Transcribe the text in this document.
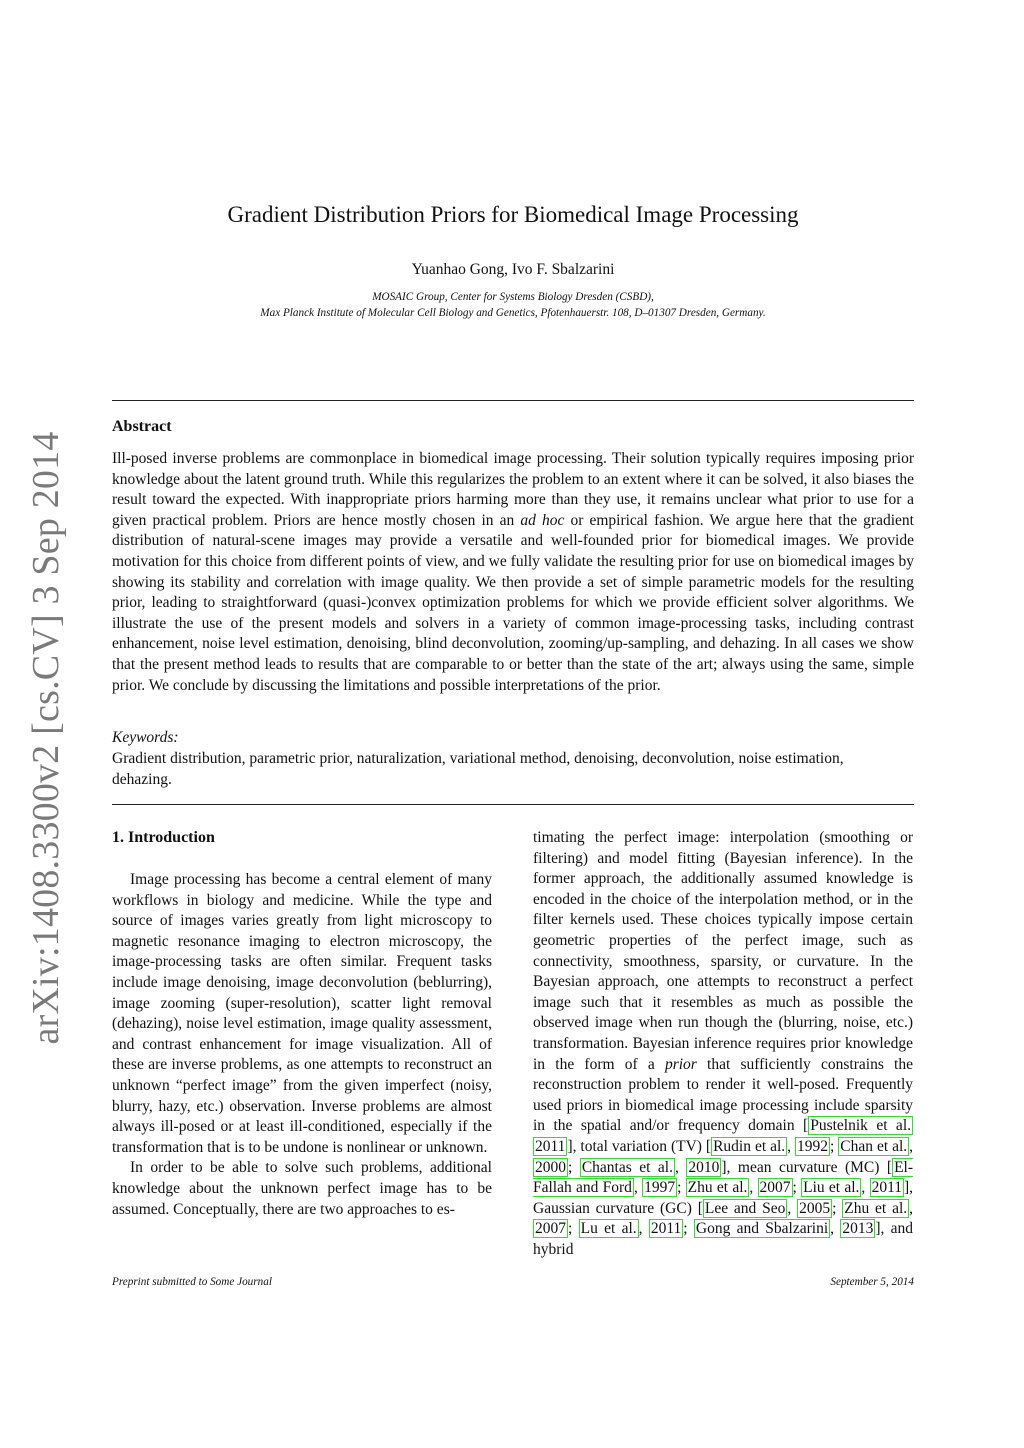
arXiv:1408.3300v2 [cs.CV] 3 Sep 2014
Gradient Distribution Priors for Biomedical Image Processing
Yuanhao Gong, Ivo F. Sbalzarini
MOSAIC Group, Center for Systems Biology Dresden (CSBD),
Max Planck Institute of Molecular Cell Biology and Genetics, Pfotenhauerstr. 108, D–01307 Dresden, Germany.
Abstract

Ill-posed inverse problems are commonplace in biomedical image processing. Their solution typically requires imposing prior knowledge about the latent ground truth. While this regularizes the problem to an extent where it can be solved, it also biases the result toward the expected. With inappropriate priors harming more than they use, it remains unclear what prior to use for a given practical problem. Priors are hence mostly chosen in an ad hoc or empirical fashion. We argue here that the gradient distribution of natural-scene images may provide a versatile and well-founded prior for biomedical images. We provide motivation for this choice from different points of view, and we fully validate the resulting prior for use on biomedical images by showing its stability and correlation with image quality. We then provide a set of simple parametric models for the resulting prior, leading to straightforward (quasi-)convex optimization problems for which we provide efficient solver algorithms. We illustrate the use of the present models and solvers in a variety of common image-processing tasks, including contrast enhancement, noise level estimation, denoising, blind deconvolution, zooming/up-sampling, and dehazing. In all cases we show that the present method leads to results that are comparable to or better than the state of the art; always using the same, simple prior. We conclude by discussing the limitations and possible interpretations of the prior.

Keywords:

Gradient distribution, parametric prior, naturalization, variational method, denoising, deconvolution, noise estimation, dehazing.

1. Introduction

Image processing has become a central element of many workflows in biology and medicine. While the type and source of images varies greatly from light microscopy to magnetic resonance imaging to electron microscopy, the image-processing tasks are often similar. Frequent tasks include image denoising, image deconvolution (beblurring), image zooming (super-resolution), scatter light removal (dehazing), noise level estimation, image quality assessment, and contrast enhancement for image visualization. All of these are inverse problems, as one attempts to reconstruct an unknown “perfect image” from the given imperfect (noisy, blurry, hazy, etc.) observation. Inverse problems are almost always ill-posed or at least ill-conditioned, especially if the transformation that is to be undone is nonlinear or unknown.

In order to be able to solve such problems, additional knowledge about the unknown perfect image has to be assumed. Conceptually, there are two approaches to es-

timating the perfect image: interpolation (smoothing or filtering) and model fitting (Bayesian inference). In the former approach, the additionally assumed knowledge is encoded in the choice of the interpolation method, or in the filter kernels used. These choices typically impose certain geometric properties of the perfect image, such as connectivity, smoothness, sparsity, or curvature. In the Bayesian approach, one attempts to reconstruct a perfect image such that it resembles as much as possible the observed image when run though the (blurring, noise, etc.) transformation. Bayesian inference requires prior knowledge in the form of a prior that sufficiently constrains the reconstruction problem to render it well-posed. Frequently used priors in biomedical image processing include sparsity in the spatial and/or frequency domain [ Pustelnik et al. 2011 ], total variation (TV) [ Rudin et al. , 1992 ; Chan et al. , 2000 ; Chantas et al. , 2010 ], mean curvature (MC) [ El-Fallah and Ford , 1997 ; Zhu et al. , 2007 ; Liu et al. , 2011 ], Gaussian curvature (GC) [ Lee and Seo , 2005 ; Zhu et al. , 2007 ; Lu et al. , 2011 ; Gong and Sbalzarini , 2013 ], and hybrid

Preprint submitted to Some Journal	September 5, 2014
